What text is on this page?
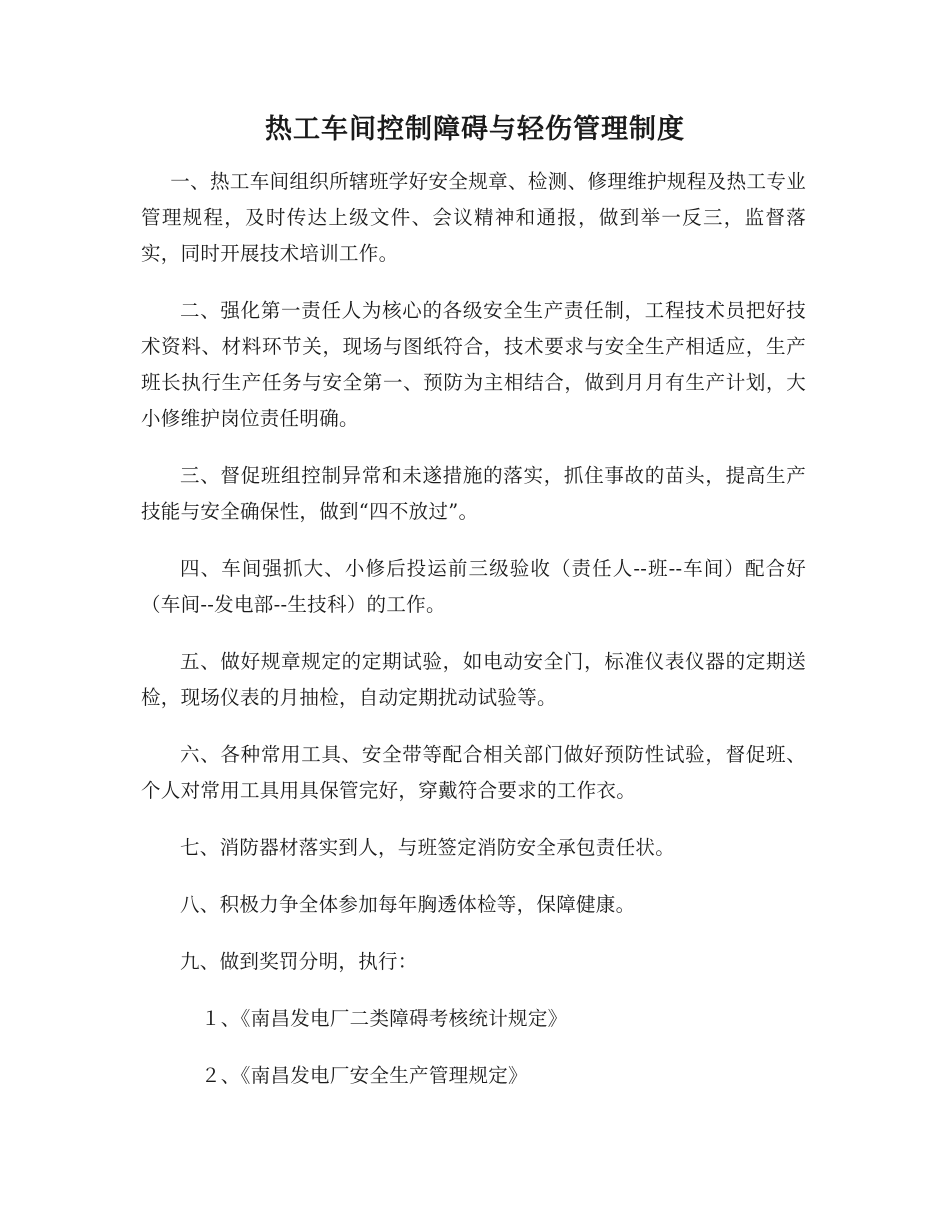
热工车间控制障碍与轻伤管理制度

一、热工车间组织所辖班学好安全规章、检测、修理维护规程及热工专业管理规程，及时传达上级文件、会议精神和通报，做到举一反三，监督落实，同时开展技术培训工作。

二、强化第一责任人为核心的各级安全生产责任制，工程技术员把好技术资料、材料环节关，现场与图纸符合，技术要求与安全生产相适应，生产班长执行生产任务与安全第一、预防为主相结合，做到月月有生产计划，大小修维护岗位责任明确。

三、督促班组控制异常和未遂措施的落实，抓住事故的苗头，提高生产技能与安全确保性，做到“四不放过”。

四、车间强抓大、小修后投运前三级验收（责任人--班--车间）配合好（车间--发电部--生技科）的工作。

五、做好规章规定的定期试验，如电动安全门，标准仪表仪器的定期送检，现场仪表的月抽检，自动定期扰动试验等。

六、各种常用工具、安全带等配合相关部门做好预防性试验，督促班、个人对常用工具用具保管完好，穿戴符合要求的工作衣。

七、消防器材落实到人，与班签定消防安全承包责任状。

八、积极力争全体参加每年胸透体检等，保障健康。

九、做到奖罚分明，执行：

１、《南昌发电厂二类障碍考核统计规定》

２、《南昌发电厂安全生产管理规定》
